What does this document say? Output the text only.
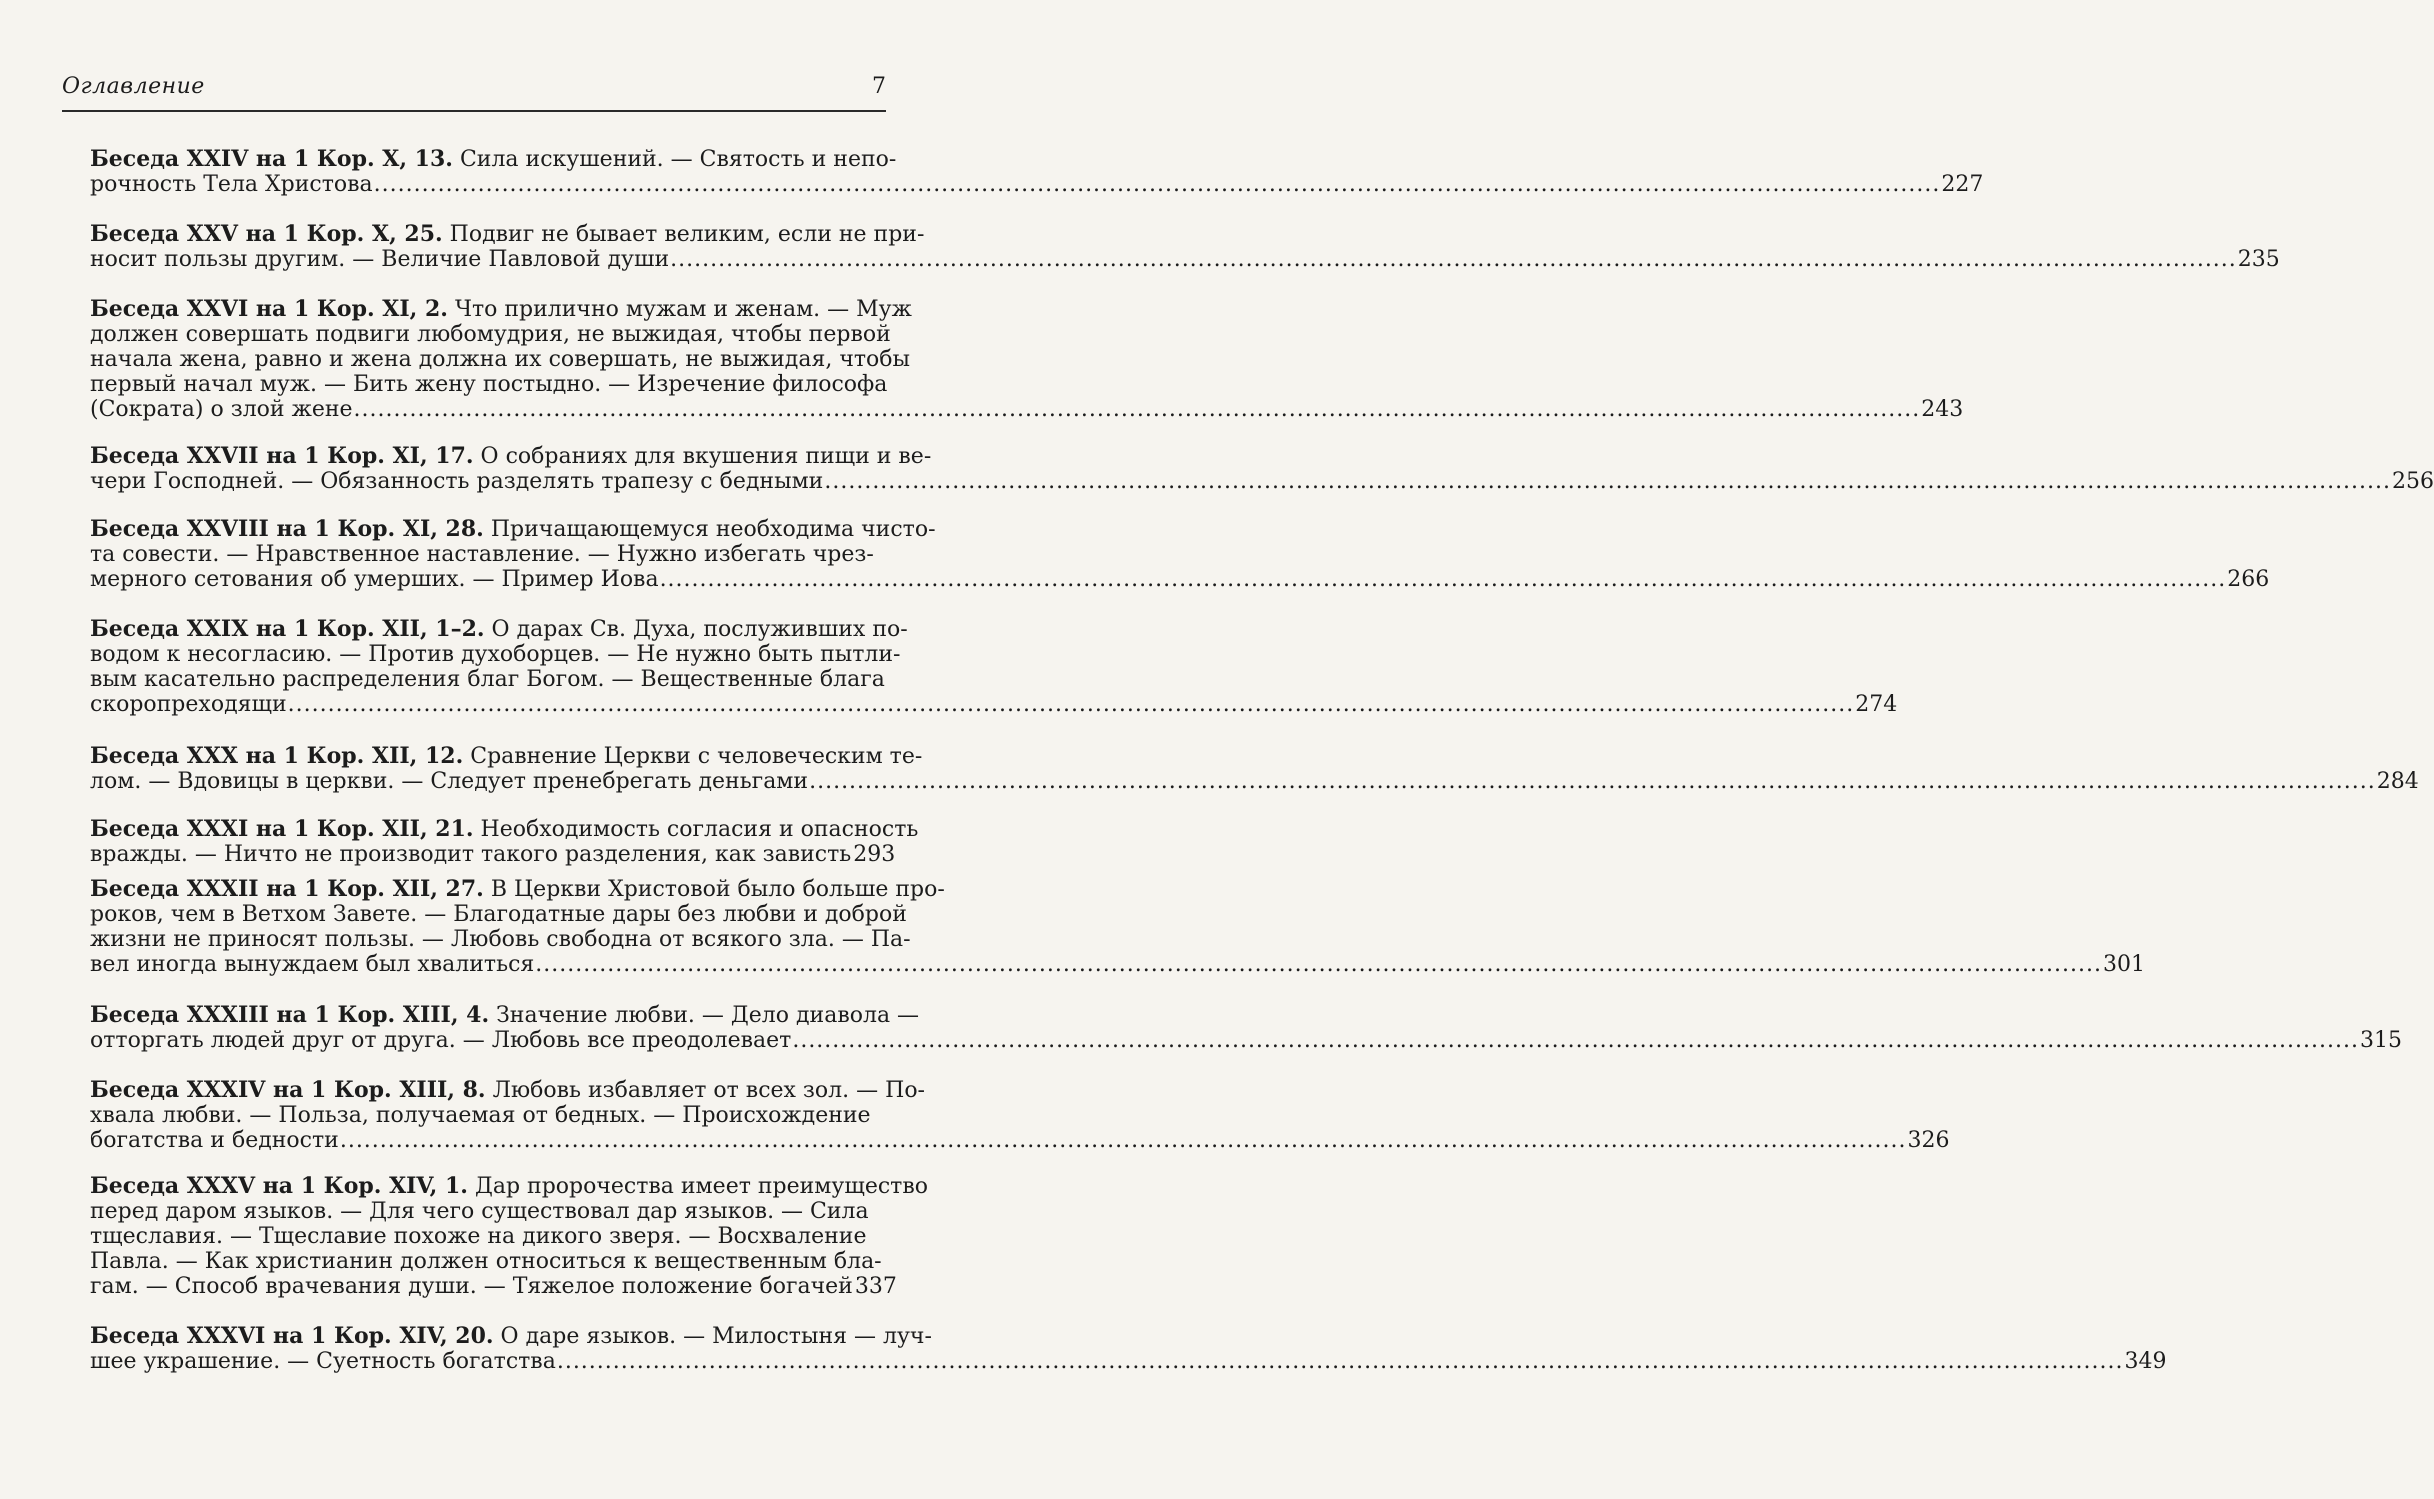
Оглавление	7
Беседа XXIV на 1 Кор. X, 13. Сила искушений. — Святость и непо-
рочность Тела Христова .....	227
Беседа XXV на 1 Кор. X, 25. Подвиг не бывает великим, если не при-
носит пользы другим. — Величие Павловой души .....	235
Беседа XXVI на 1 Кор. XI, 2. Что прилично мужам и женам. — Муж
должен совершать подвиги любомудрия, не выжидая, чтобы первой
начала жена, равно и жена должна их совершать, не выжидая, чтобы
первый начал муж. — Бить жену постыдно. — Изречение философа
(Сократа) о злой жене .....	243
Беседа XXVII на 1 Кор. XI, 17. О собраниях для вкушения пищи и ве-
чери Господней. — Обязанность разделять трапезу с бедными .....	256
Беседа XXVIII на 1 Кор. XI, 28. Причащающемуся необходима чисто-
та совести. — Нравственное наставление. — Нужно избегать чрез-
мерного сетования об умерших. — Пример Иова .....	266
Беседа XXIX на 1 Кор. XII, 1–2. О дарах Св. Духа, послуживших по-
водом к несогласию. — Против духоборцев. — Не нужно быть пытли-
вым касательно распределения благ Богом. — Вещественные блага
скоропреходящи .....	274
Беседа XXX на 1 Кор. XII, 12. Сравнение Церкви с человеческим те-
лом. — Вдовицы в церкви. — Следует пренебрегать деньгами .....	284
Беседа XXXI на 1 Кор. XII, 21. Необходимость согласия и опасность
вражды. — Ничто не производит такого разделения, как зависть 293
Беседа XXXII на 1 Кор. XII, 27. В Церкви Христовой было больше про-
роков, чем в Ветхом Завете. — Благодатные дары без любви и доброй
жизни не приносят пользы. — Любовь свободна от всякого зла. — Па-
вел иногда вынуждаем был хвалиться .....	301
Беседа XXXIII на 1 Кор. XIII, 4. Значение любви. — Дело диавола —
отторгать людей друг от друга. — Любовь все преодолевает .....	315
Беседа XXXIV на 1 Кор. XIII, 8. Любовь избавляет от всех зол. — По-
хвала любви. — Польза, получаемая от бедных. — Происхождение
богатства и бедности .....	326
Беседа XXXV на 1 Кор. XIV, 1. Дар пророчества имеет преимущество
перед даром языков. — Для чего существовал дар языков. — Сила
тщеславия. — Тщеславие похоже на дикого зверя. — Восхваление
Павла. — Как христианин должен относиться к вещественным бла-
гам. — Способ врачевания души. — Тяжелое положение богачей 337
Беседа XXXVI на 1 Кор. XIV, 20. О даре языков. — Милостыня — луч-
шее украшение. — Суетность богатства .....	349
